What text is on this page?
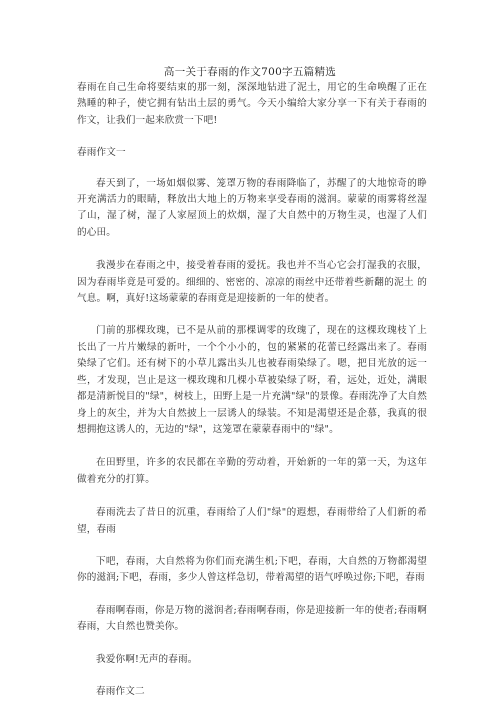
高一关于春雨的作文700字五篇精选

春雨在自己生命将要结束的那一刻，深深地钻进了泥土，用它的生命唤醒了正在熟睡的种子，使它拥有钻出土层的勇气。今天小编给大家分享一下有关于春雨的作文，让我们一起来欣赏一下吧!

春雨作文一

春天到了，一场如烟似雾、笼罩万物的春雨降临了，苏醒了的大地惊奇的睁开充满活力的眼睛，释放出大地上的万物来享受春雨的滋润。蒙蒙的雨雾将丝湿了山，湿了树，湿了人家屋顶上的炊烟，湿了大自然中的万物生灵，也湿了人们的心田。

我漫步在春雨之中，接受着春雨的爱抚。我也并不当心它会打湿我的衣服，因为春雨毕竟是可爱的。细细的、密密的、凉凉的雨丝中还带着些新翻的泥土 的气息。啊，真好!这场蒙蒙的春雨竟是迎接新的一年的使者。

门前的那棵玫瑰，已不是从前的那棵调零的玫瑰了，现在的这棵玫瑰枝丫上长出了一片片嫩绿的新叶，一个个小小的，包的紧紧的花蕾已经露出来了。春雨染绿了它们。还有树下的小草儿露出头儿也被春雨染绿了。嗯，把目光放的远一些，才发现，岂止是这一棵玫瑰和几棵小草被染绿了呀，看，远处，近处，满眼都是清新悦目的"绿"，树枝上，田野上是一片充满"绿"的景像。春雨洗净了大自然身上的灰尘，并为大自然披上一层诱人的绿装。不知是渴望还是企慕，我真的很想拥抱这诱人的，无边的"绿"，这笼罩在蒙蒙春雨中的"绿"。

在田野里，许多的农民都在辛勤的劳动着，开始新的一年的第一天，为这年做着充分的打算。

春雨洗去了昔日的沉重，春雨给了人们"绿"的遐想，春雨带给了人们新的希望，春雨

下吧，春雨，大自然将为你们而充满生机;下吧，春雨，大自然的万物都渴望你的滋润;下吧，春雨，多少人曾这样急切，带着渴望的语气呼唤过你;下吧，春雨

春雨啊春雨，你是万物的滋润者;春雨啊春雨，你是迎接新一年的使者;春雨啊春雨，大自然也赞美你。

我爱你啊!无声的春雨。

春雨作文二
